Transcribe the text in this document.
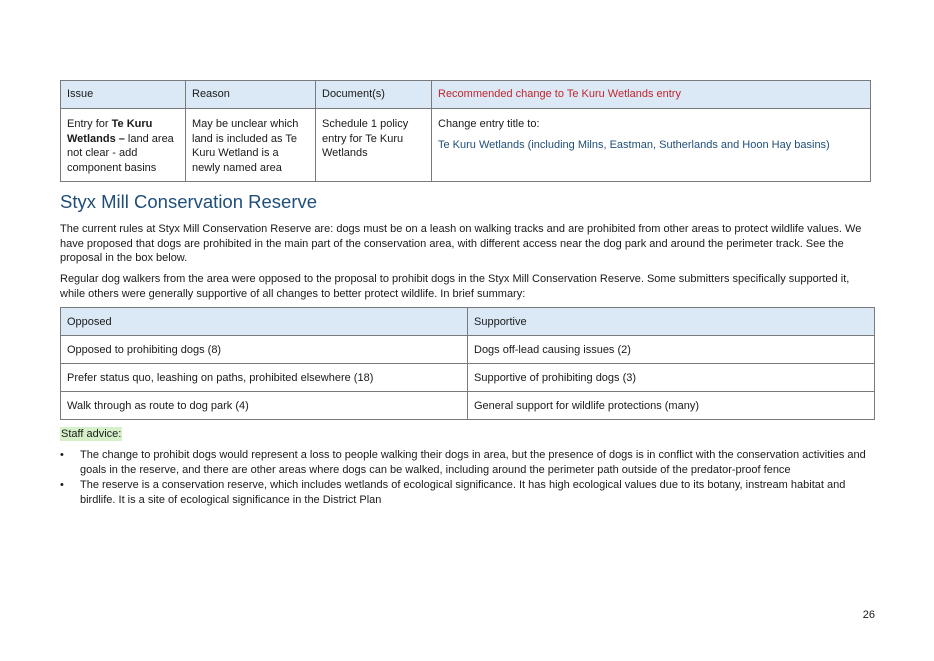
Issue	Reason	Document(s)	Recommended change to Te Kuru Wetlands entry
Entry for Te Kuru Wetlands – land area not clear - add component basins	May be unclear which land is included as Te Kuru Wetland is a newly named area	Schedule 1 policy entry for Te Kuru Wetlands	Change entry title to:
Te Kuru Wetlands (including Milns, Eastman, Sutherlands and Hoon Hay basins)
Styx Mill Conservation Reserve

The current rules at Styx Mill Conservation Reserve are: dogs must be on a leash on walking tracks and are prohibited from other areas to protect wildlife values. We have proposed that dogs are prohibited in the main part of the conservation area, with different access near the dog park and around the perimeter track. See the proposal in the box below.

Regular dog walkers from the area were opposed to the proposal to prohibit dogs in the Styx Mill Conservation Reserve. Some submitters specifically supported it, while others were generally supportive of all changes to better protect wildlife. In brief summary:

Opposed	Supportive
Opposed to prohibiting dogs (8)	Dogs off-lead causing issues (2)
Prefer status quo, leashing on paths, prohibited elsewhere (18)	Supportive of prohibiting dogs (3)
Walk through as route to dog park (4)	General support for wildlife protections (many)
Staff advice:
• The change to prohibit dogs would represent a loss to people walking their dogs in area, but the presence of dogs is in conflict with the conservation activities and goals in the reserve, and there are other areas where dogs can be walked, including around the perimeter path outside of the predator-proof fence
• The reserve is a conservation reserve, which includes wetlands of ecological significance. It has high ecological values due to its botany, instream habitat and birdlife. It is a site of ecological significance in the District Plan
26
